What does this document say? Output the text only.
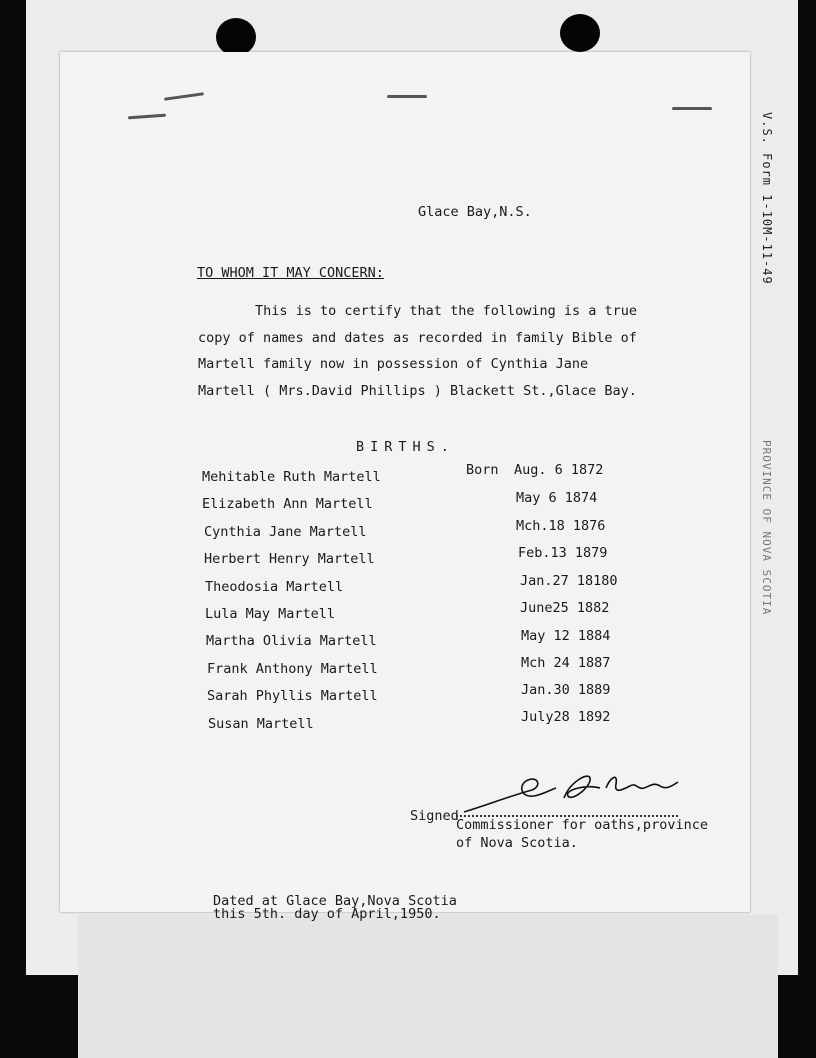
V.S. Form 1-10M-11-49
PROVINCE OF NOVA SCOTIA
Glace Bay,N.S.
TO WHOM IT MAY CONCERN:
This is to certify that the following is a true
copy of names and dates as recorded in family Bible of
Martell family now in possession of Cynthia Jane
Martell ( Mrs.David Phillips ) Blackett St.,Glace Bay.
BIRTHS.
Born
Mehitable Ruth Martell	Aug. 6 1872
Elizabeth Ann Martell	May 6 1874
Cynthia Jane Martell	Mch.18 1876
Herbert Henry Martell	Feb.13 1879
Theodosia Martell	Jan.27 18180
Lula May Martell	June25 1882
Martha Olivia Martell	May 12 1884
Frank Anthony Martell	Mch 24 1887
Sarah Phyllis Martell	Jan.30 1889
Susan Martell	July28 1892
Signed
Commissioner for oaths,province
of Nova Scotia.
Dated at Glace Bay,Nova Scotia
this 5th. day of April,1950.
